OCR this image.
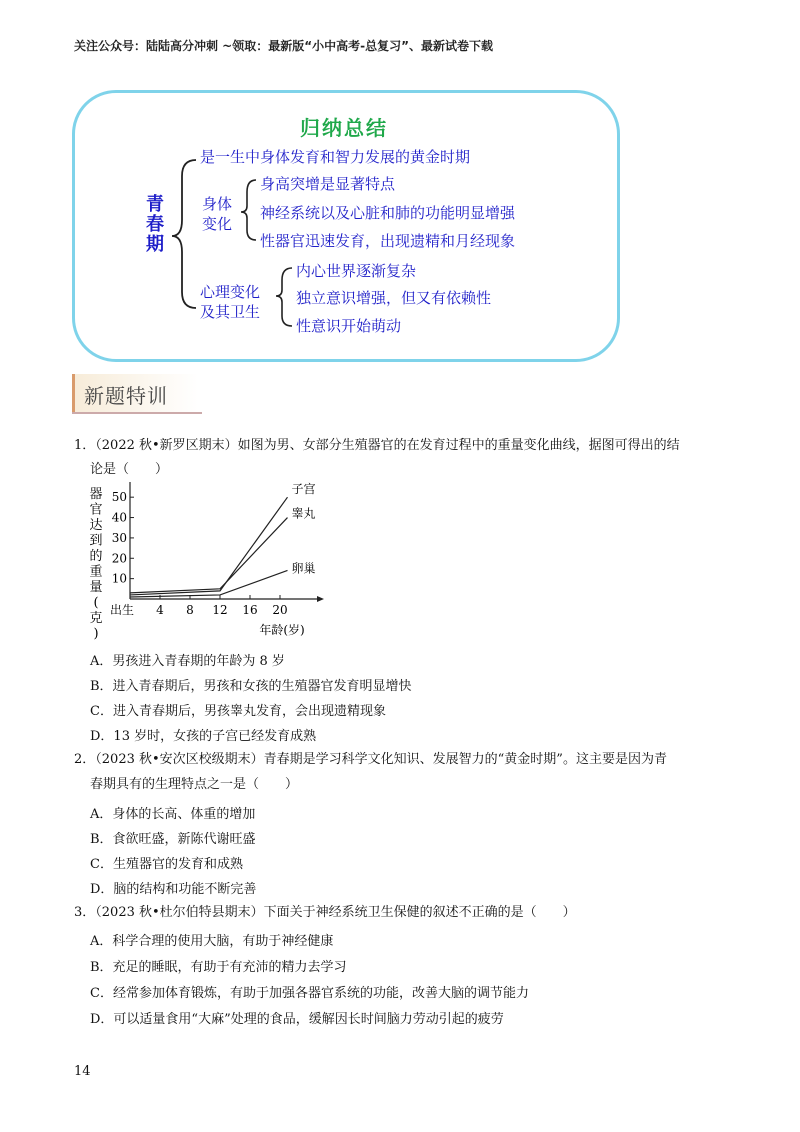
关注公众号：陆陆高分冲刺 ~领取：最新版“小中高考-总复习”、最新试卷下载
归纳总结
青春期
是一生中身体发育和智力发展的黄金时期
身体
变化
身高突增是显著特点
神经系统以及心脏和肺的功能明显增强
性器官迅速发育，出现遗精和月经现象
心理变化
及其卫生
内心世界逐渐复杂
独立意识增强，但又有依赖性
性意识开始萌动
新题特训
1．（2022 秋•新罗区期末）如图为男、女部分生殖器官的在发育过程中的重量变化曲线，据图可得出的结
论是（　　）
10
20
30
40
50
出生 4 8 12 16 20
子宫
睾丸
卵巢
器
官
达
到
的
重
量
(
克
)	年龄(岁)
A．男孩进入青春期的年龄为 8 岁
B．进入青春期后，男孩和女孩的生殖器官发育明显增快
C．进入青春期后，男孩睾丸发育，会出现遗精现象
D．13 岁时，女孩的子宫已经发育成熟
2．（2023 秋•安次区校级期末）青春期是学习科学文化知识、发展智力的“黄金时期”。这主要是因为青
春期具有的生理特点之一是（　　）
A．身体的长高、体重的增加
B．食欲旺盛，新陈代谢旺盛
C．生殖器官的发育和成熟
D．脑的结构和功能不断完善
3．（2023 秋•杜尔伯特县期末）下面关于神经系统卫生保健的叙述不正确的是（　　）
A．科学合理的使用大脑，有助于神经健康
B．充足的睡眠，有助于有充沛的精力去学习
C．经常参加体育锻炼，有助于加强各器官系统的功能，改善大脑的调节能力
D．可以适量食用“大麻”处理的食品，缓解因长时间脑力劳动引起的疲劳
14
